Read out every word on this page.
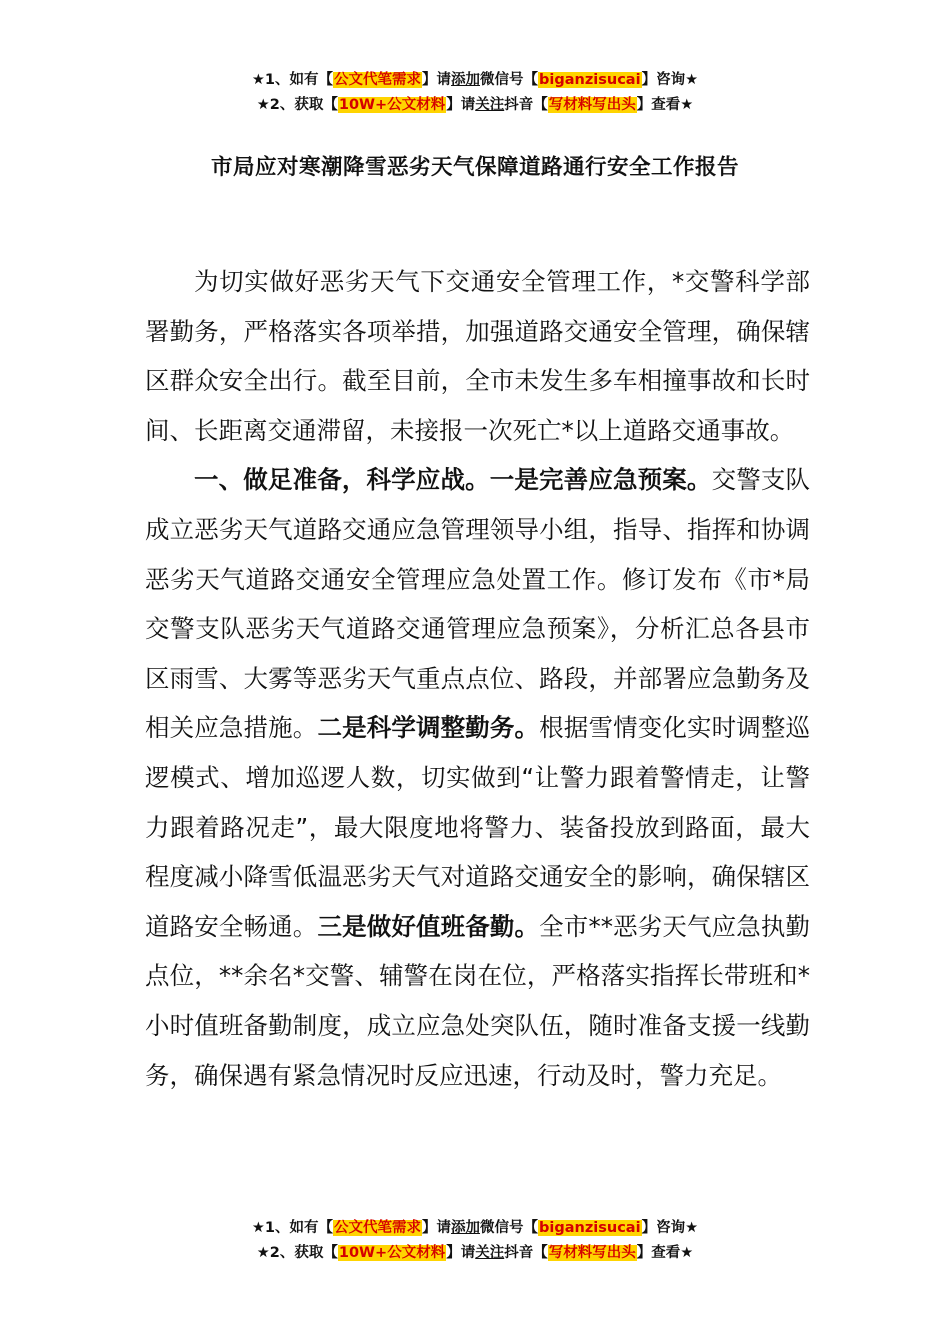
★1、如有【公文代笔需求】请添加微信号【biganzisucai】咨询★
★2、获取【10W+公文材料】请关注抖音【写材料写出头】查看★
市局应对寒潮降雪恶劣天气保障道路通行安全工作报告

为切实做好恶劣天气下交通安全管理工作，*交警科学部署勤务，严格落实各项举措，加强道路交通安全管理，确保辖区群众安全出行。截至目前，全市未发生多车相撞事故和长时间、长距离交通滞留，未接报一次死亡*以上道路交通事故。

一、做足准备，科学应战。一是完善应急预案。交警支队成立恶劣天气道路交通应急管理领导小组，指导、指挥和协调恶劣天气道路交通安全管理应急处置工作。修订发布《市*局交警支队恶劣天气道路交通管理应急预案》，分析汇总各县市区雨雪、大雾等恶劣天气重点点位、路段，并部署应急勤务及相关应急措施。二是科学调整勤务。根据雪情变化实时调整巡逻模式、增加巡逻人数，切实做到“让警力跟着警情走，让警力跟着路况走”，最大限度地将警力、装备投放到路面，最大程度减小降雪低温恶劣天气对道路交通安全的影响，确保辖区道路安全畅通。三是做好值班备勤。全市**恶劣天气应急执勤点位，**余名*交警、辅警在岗在位，严格落实指挥长带班和*小时值班备勤制度，成立应急处突队伍，随时准备支援一线勤务，确保遇有紧急情况时反应迅速，行动及时，警力充足。

★1、如有【公文代笔需求】请添加微信号【biganzisucai】咨询★
★2、获取【10W+公文材料】请关注抖音【写材料写出头】查看★
